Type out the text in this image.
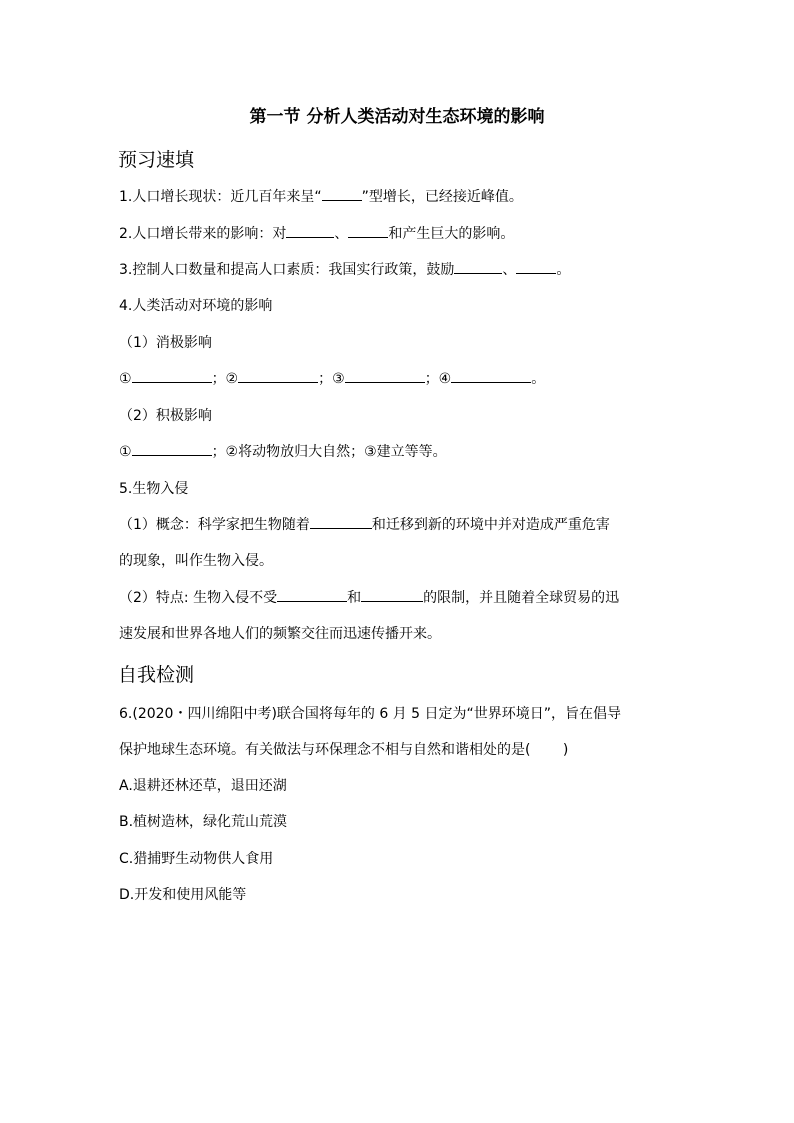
第一节 分析人类活动对生态环境的影响
预习速填
1.人口增长现状：近几百年来呈“	”型增长，已经接近峰值。
2.人口增长带来的影响：对	、	和产生巨大的影响。
3.控制人口数量和提高人口素质：我国实行政策，鼓励	、	。
4.人类活动对环境的影响
（1）消极影响
①	；②	；③	；④	。
（2）积极影响
①	；②将动物放归大自然；③建立等等。
5.生物入侵
（1）概念：科学家把生物随着	和迁移到新的环境中并对造成严重危害
的现象，叫作生物入侵。
（2）特点: 生物入侵不受	和	的限制，并且随着全球贸易的迅
速发展和世界各地人们的频繁交往而迅速传播开来。
自我检测
6.(2020・四川绵阳中考)联合国将每年的 6 月 5 日定为“世界环境日”，旨在倡导
保护地球生态环境。有关做法与环保理念不相与自然和谐相处的是(　　 )
A.退耕还林还草，退田还湖
B.植树造林，绿化荒山荒漠
C.猎捕野生动物供人食用
D.开发和使用风能等
